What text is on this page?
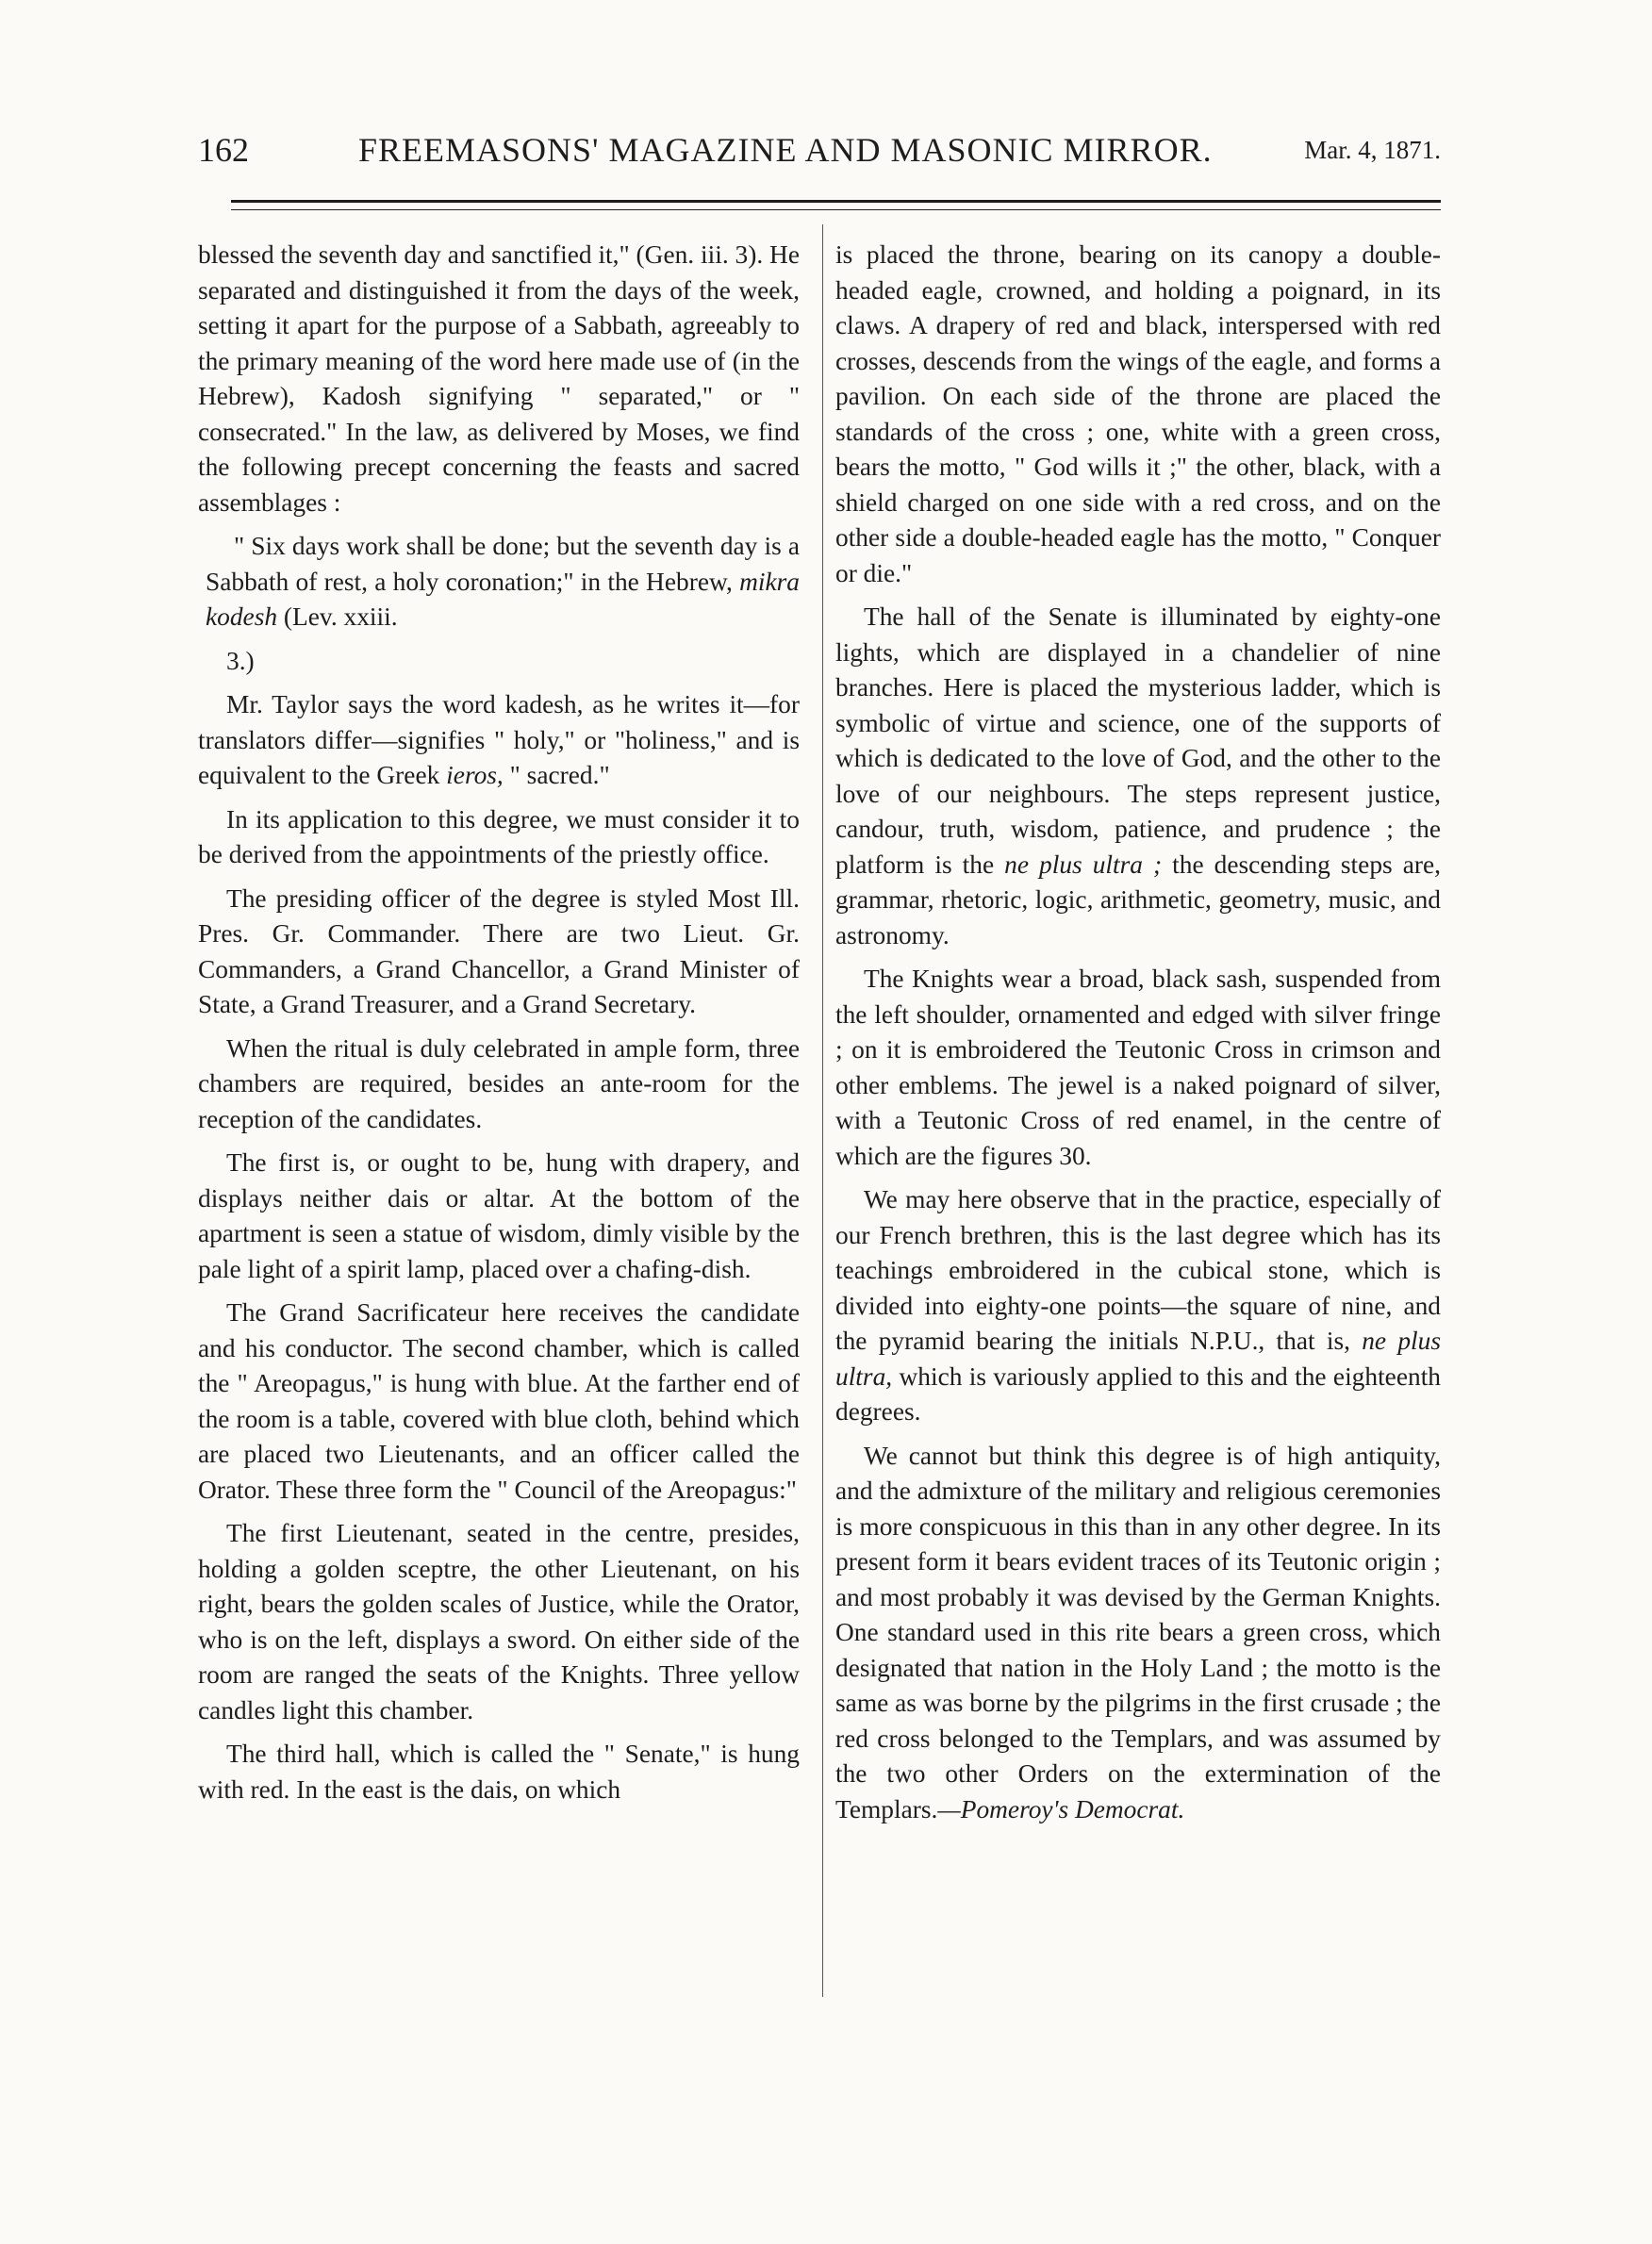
162	FREEMASONS' MAGAZINE AND MASONIC MIRROR.	Mar. 4, 1871.

blessed the seventh day and sanctified it," (Gen. iii. 3). He separated and distinguished it from the days of the week, setting it apart for the purpose of a Sabbath, agreeably to the primary meaning of the word here made use of (in the Hebrew), Kadosh signifying " separated," or " consecrated." In the law, as delivered by Moses, we find the following precept concerning the feasts and sacred assemblages :

" Six days work shall be done; but the seventh day is a Sabbath of rest, a holy coronation;" in the Hebrew, mikra kodesh (Lev. xxiii.

3.)

Mr. Taylor says the word kadesh, as he writes it—for translators differ—signifies " holy," or "holiness," and is equivalent to the Greek ieros, " sacred."

In its application to this degree, we must consider it to be derived from the appointments of the priestly office.

The presiding officer of the degree is styled Most Ill. Pres. Gr. Commander. There are two Lieut. Gr. Commanders, a Grand Chancellor, a Grand Minister of State, a Grand Treasurer, and a Grand Secretary.

When the ritual is duly celebrated in ample form, three chambers are required, besides an ante-room for the reception of the candidates.

The first is, or ought to be, hung with drapery, and displays neither dais or altar. At the bottom of the apartment is seen a statue of wisdom, dimly visible by the pale light of a spirit lamp, placed over a chafing-dish.

The Grand Sacrificateur here receives the candidate and his conductor. The second chamber, which is called the " Areopagus," is hung with blue. At the farther end of the room is a table, covered with blue cloth, behind which are placed two Lieutenants, and an officer called the Orator. These three form the " Council of the Areopagus:"

The first Lieutenant, seated in the centre, presides, holding a golden sceptre, the other Lieutenant, on his right, bears the golden scales of Justice, while the Orator, who is on the left, displays a sword. On either side of the room are ranged the seats of the Knights. Three yellow candles light this chamber.

The third hall, which is called the " Senate," is hung with red. In the east is the dais, on which

is placed the throne, bearing on its canopy a double-headed eagle, crowned, and holding a poignard, in its claws. A drapery of red and black, interspersed with red crosses, descends from the wings of the eagle, and forms a pavilion. On each side of the throne are placed the standards of the cross ; one, white with a green cross, bears the motto, " God wills it ;" the other, black, with a shield charged on one side with a red cross, and on the other side a double-headed eagle has the motto, " Conquer or die."

The hall of the Senate is illuminated by eighty-one lights, which are displayed in a chandelier of nine branches. Here is placed the mysterious ladder, which is symbolic of virtue and science, one of the supports of which is dedicated to the love of God, and the other to the love of our neighbours. The steps represent justice, candour, truth, wisdom, patience, and prudence ; the platform is the ne plus ultra ; the descending steps are, grammar, rhetoric, logic, arithmetic, geometry, music, and astronomy.

The Knights wear a broad, black sash, suspended from the left shoulder, ornamented and edged with silver fringe ; on it is embroidered the Teutonic Cross in crimson and other emblems. The jewel is a naked poignard of silver, with a Teutonic Cross of red enamel, in the centre of which are the figures 30.

We may here observe that in the practice, especially of our French brethren, this is the last degree which has its teachings embroidered in the cubical stone, which is divided into eighty-one points—the square of nine, and the pyramid bearing the initials N.P.U., that is, ne plus ultra, which is variously applied to this and the eighteenth degrees.

We cannot but think this degree is of high antiquity, and the admixture of the military and religious ceremonies is more conspicuous in this than in any other degree. In its present form it bears evident traces of its Teutonic origin ; and most probably it was devised by the German Knights. One standard used in this rite bears a green cross, which designated that nation in the Holy Land ; the motto is the same as was borne by the pilgrims in the first crusade ; the red cross belonged to the Templars, and was assumed by the two other Orders on the extermination of the Templars.—Pomeroy's Democrat.
